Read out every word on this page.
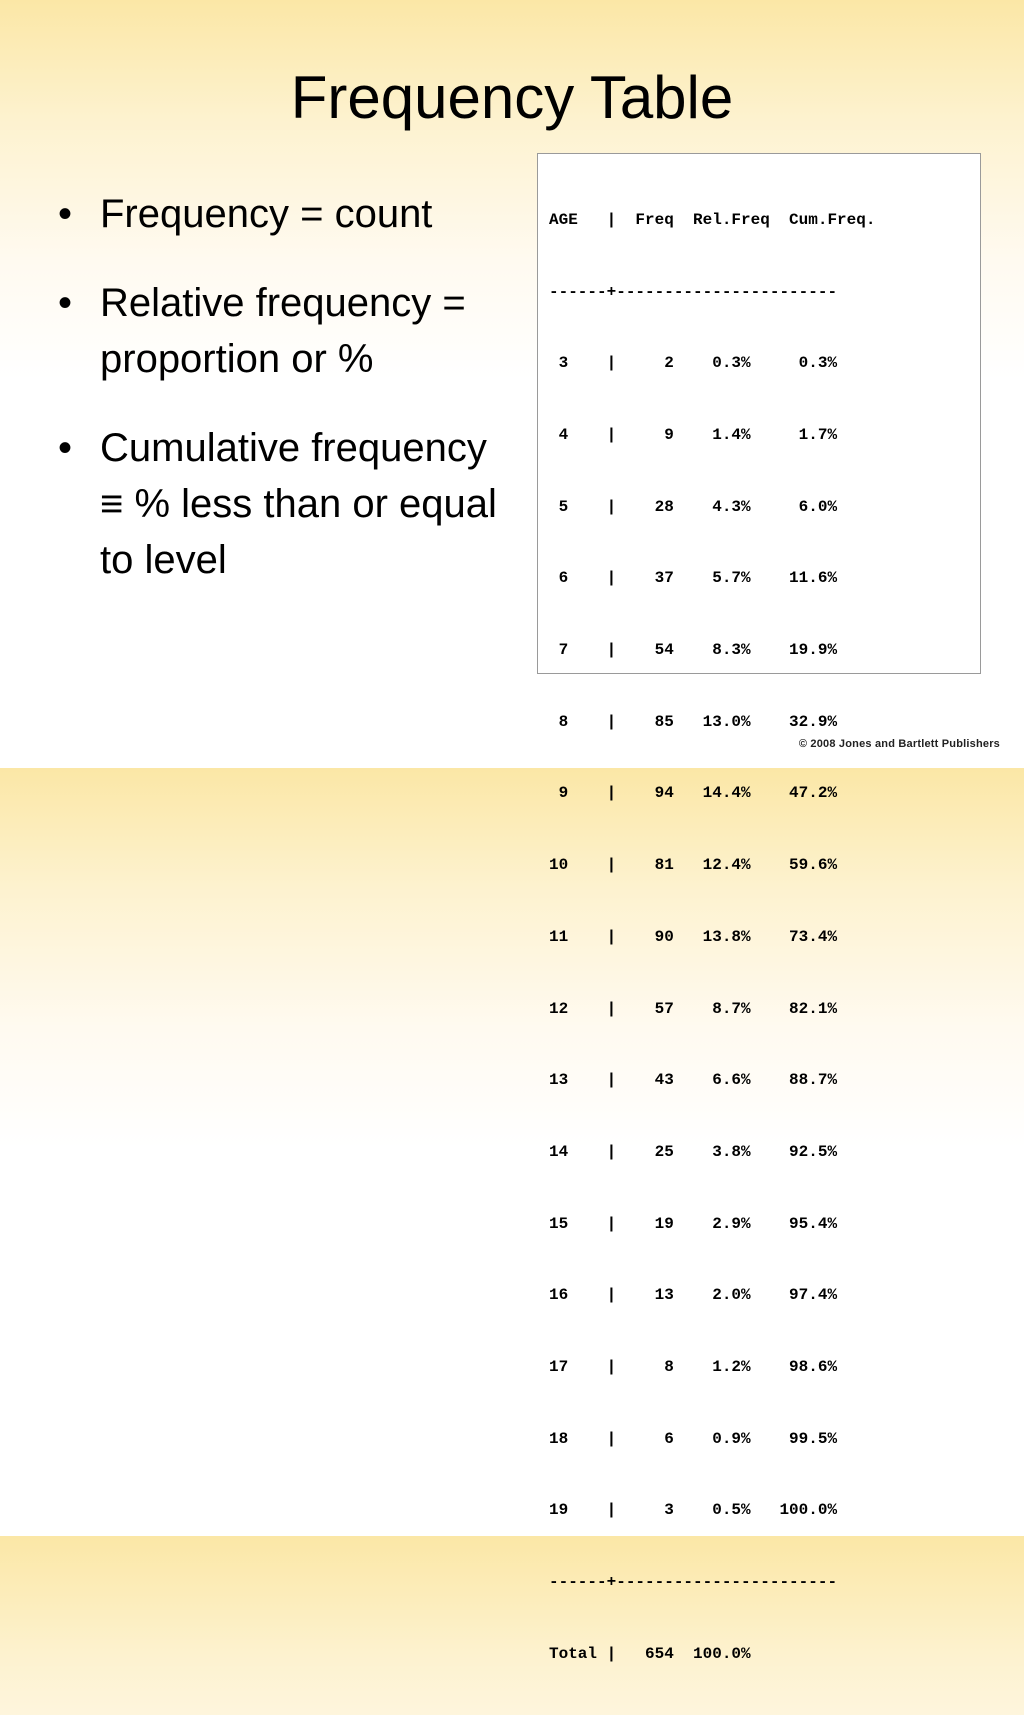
Frequency Table
• Frequency = count
• Relative frequency = proportion or %
• Cumulative frequency ≡ % less than or equal to level

AGE   |  Freq  Rel.Freq  Cum.Freq.

------+-----------------------

3    |     2    0.3%     0.3%

4    |     9    1.4%     1.7%

5    |    28    4.3%     6.0%

6    |    37    5.7%    11.6%

7    |    54    8.3%    19.9%

8    |    85   13.0%    32.9%

9    |    94   14.4%    47.2%

10    |    81   12.4%    59.6%

11    |    90   13.8%    73.4%

12    |    57    8.7%    82.1%

13    |    43    6.6%    88.7%

14    |    25    3.8%    92.5%

15    |    19    2.9%    95.4%

16    |    13    2.0%    97.4%

17    |     8    1.2%    98.6%

18    |     6    0.9%    99.5%

19    |     3    0.5%   100.0%

------+-----------------------

Total |   654  100.0%

© 2008 Jones and Bartlett Publishers
